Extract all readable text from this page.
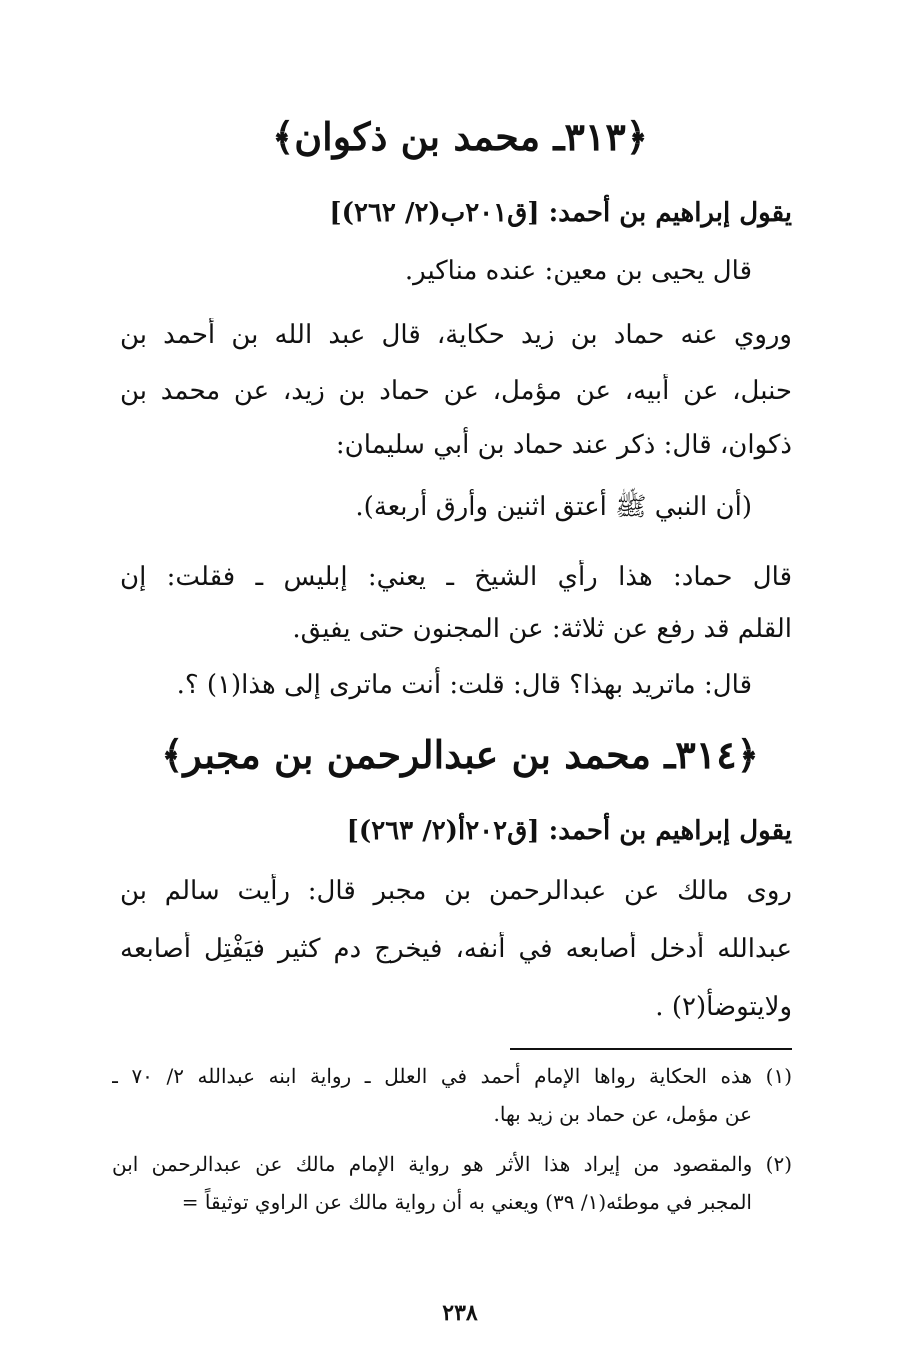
﴿٣١٣ـ محمد بن ذكوان﴾
يقول إبراهيم بن أحمد: [ق٢٠١ب(٢/ ٢٦٢)]
قال يحيى بن معين: عنده مناكير.
وروي عنه حماد بن زيد حكاية، قال عبد الله بن أحمد بن
حنبل، عن أبيه، عن مؤمل، عن حماد بن زيد، عن محمد بن
ذكوان، قال: ذكر عند حماد بن أبي سليمان:
(أن النبي ﷺ أعتق اثنين وأرق أربعة).
قال حماد: هذا رأي الشيخ ـ يعني: إبليس ـ فقلت: إن
القلم قد رفع عن ثلاثة: عن المجنون حتى يفيق.
قال: ماتريد بهذا؟ قال: قلت: أنت ماترى إلى هذا(١) ؟.
﴿٣١٤ـ محمد بن عبدالرحمن بن مجبر﴾
يقول إبراهيم بن أحمد: [ق٢٠٢أ(٢/ ٢٦٣)]
روى مالك عن عبدالرحمن بن مجبر قال: رأيت سالم بن
عبدالله أدخل أصابعه في أنفه، فيخرج دم كثير فيَفْتِل أصابعه
ولايتوضأ(٢) .
(١) هذه الحكاية رواها الإمام أحمد في العلل ـ رواية ابنه عبدالله ٢/ ٧٠ ـ
عن مؤمل، عن حماد بن زيد بها.
(٢) والمقصود من إيراد هذا الأثر هو رواية الإمام مالك عن عبدالرحمن ابن
المجبر في موطئه(١/ ٣٩) ويعني به أن رواية مالك عن الراوي توثيقاً =
٢٣٨
